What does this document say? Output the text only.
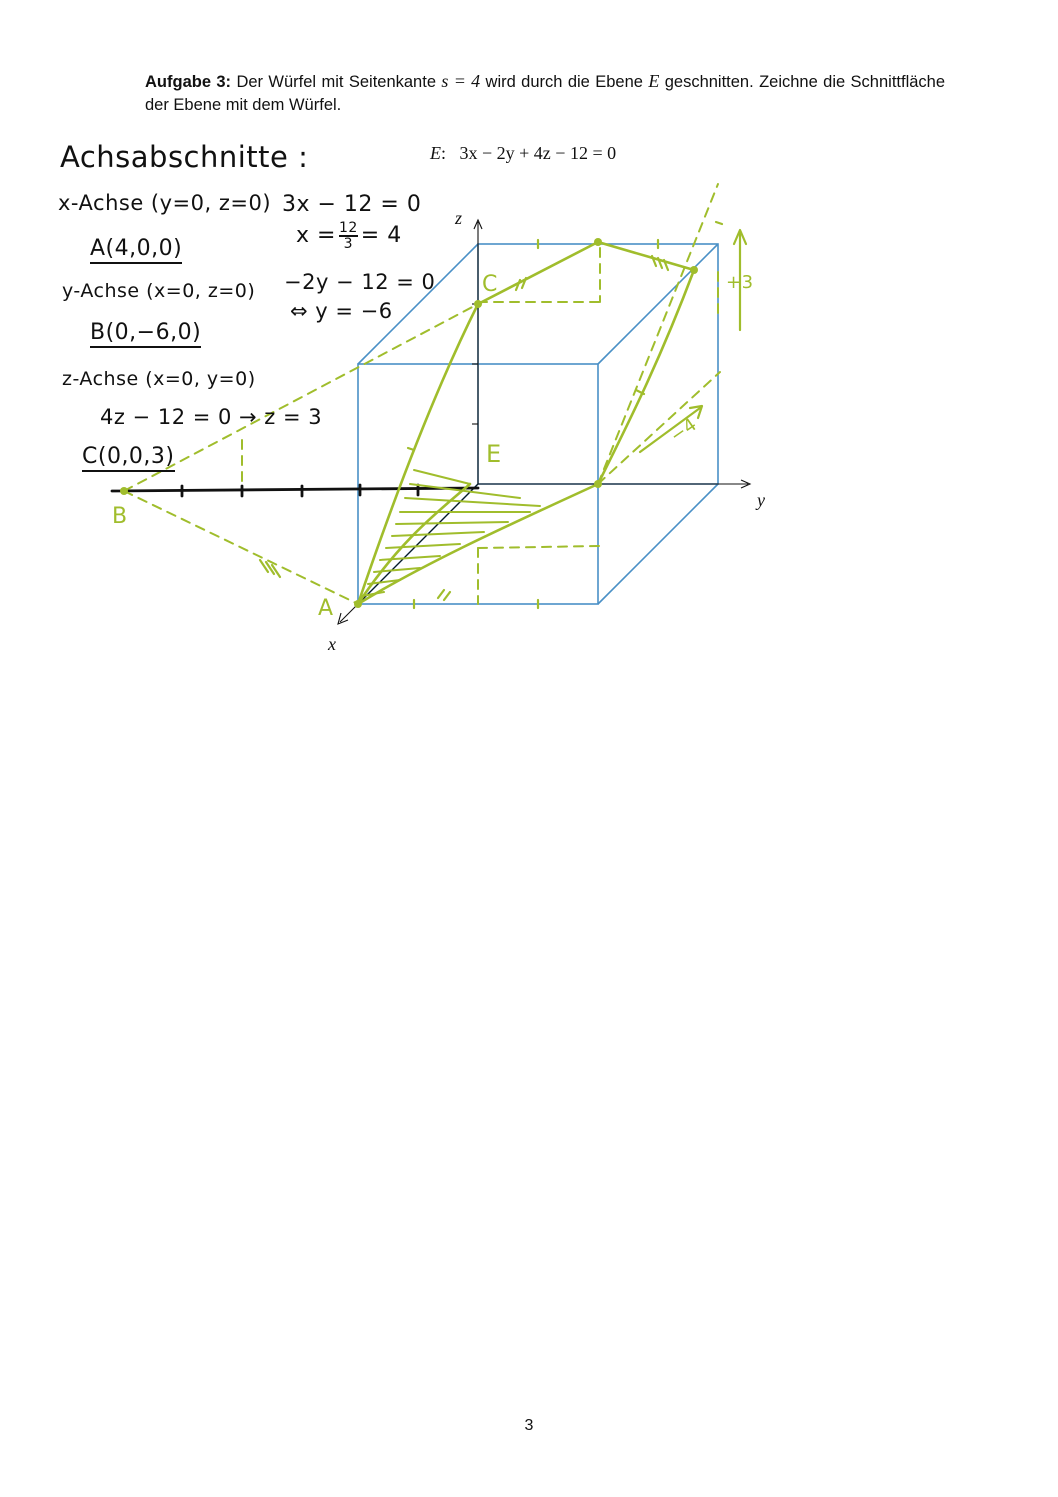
Aufgabe 3: Der Würfel mit Seitenkante s = 4 wird durch die Ebene E geschnitten. Zeichne die Schnittfläche der Ebene mit dem Würfel.
E:   3x − 2y + 4z − 12 = 0
z
y
x
Achsabschnitte :
x-Achse (y=0, z=0) 3x − 12 = 0
$x = \frac{12}{3} = 4$
A(4,0,0)
y-Achse (x=0, z=0) −2y − 12 = 0
⇔ y = −6
B(0,−6,0)
z-Achse (x=0, y=0)
4z − 12 = 0 → z = 3
C(0,0,3)
B
A
C
E
+3
−4
3
